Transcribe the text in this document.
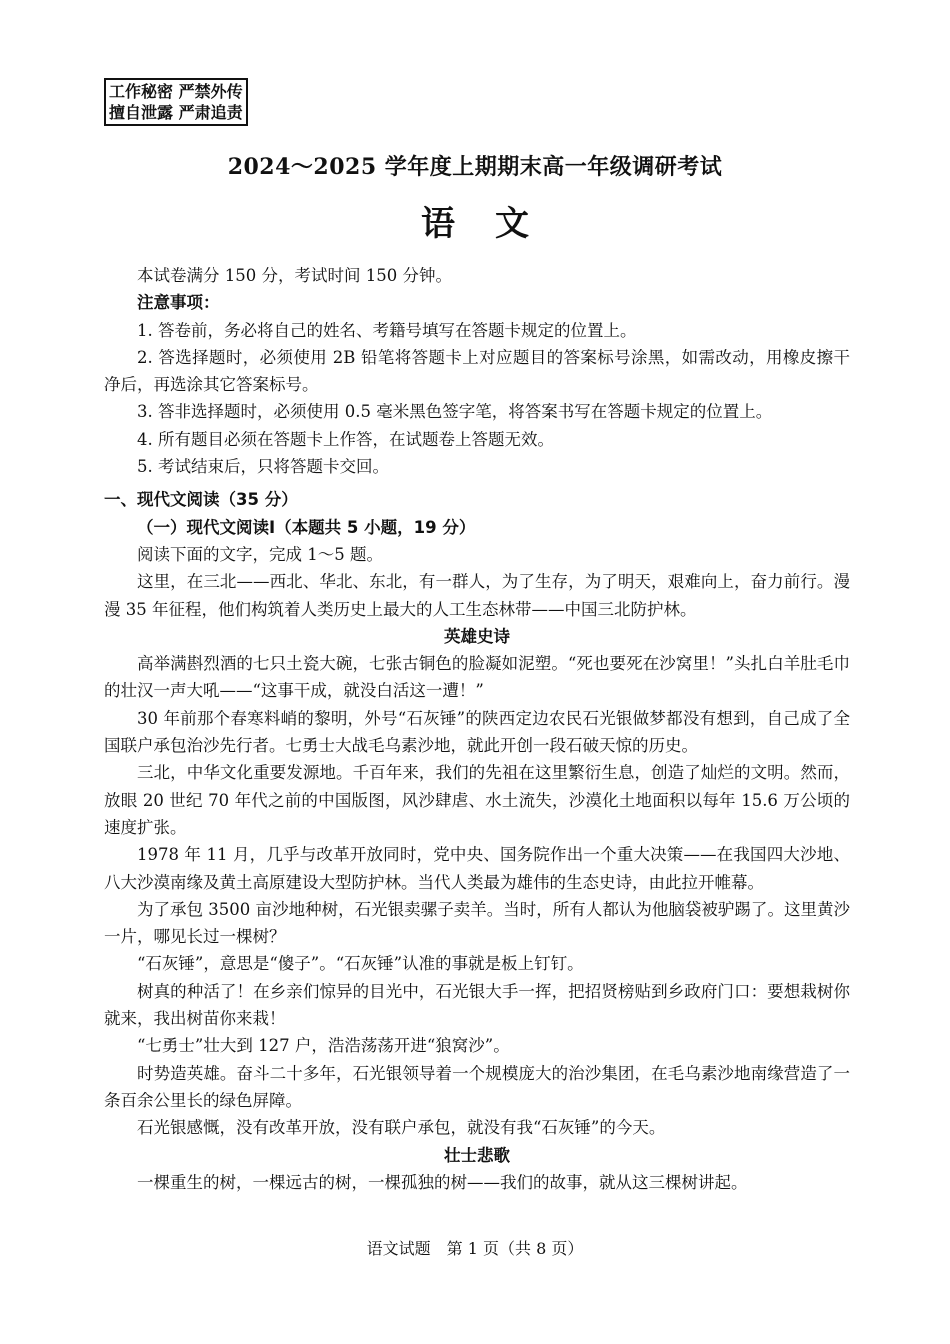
工作秘密 严禁外传
擅自泄露 严肃追责
2024～2025 学年度上期期末高一年级调研考试
语文

本试卷满分 150 分，考试时间 150 分钟。

注意事项：

1. 答卷前，务必将自己的姓名、考籍号填写在答题卡规定的位置上。

2. 答选择题时，必须使用 2B 铅笔将答题卡上对应题目的答案标号涂黑，如需改动，用橡皮擦干净后，再选涂其它答案标号。

3. 答非选择题时，必须使用 0.5 毫米黑色签字笔，将答案书写在答题卡规定的位置上。

4. 所有题目必须在答题卡上作答，在试题卷上答题无效。

5. 考试结束后，只将答题卡交回。

一、现代文阅读（35 分）

（一）现代文阅读Ⅰ（本题共 5 小题，19 分）

阅读下面的文字，完成 1～5 题。

这里，在三北——西北、华北、东北，有一群人，为了生存，为了明天，艰难向上，奋力前行。漫漫 35 年征程，他们构筑着人类历史上最大的人工生态林带——中国三北防护林。

英雄史诗

高举满斟烈酒的七只土瓷大碗，七张古铜色的脸凝如泥塑。“死也要死在沙窝里！”头扎白羊肚毛巾的壮汉一声大吼——“这事干成，就没白活这一遭！”

30 年前那个春寒料峭的黎明，外号“石灰锤”的陕西定边农民石光银做梦都没有想到，自己成了全国联户承包治沙先行者。七勇士大战毛乌素沙地，就此开创一段石破天惊的历史。

三北，中华文化重要发源地。千百年来，我们的先祖在这里繁衍生息，创造了灿烂的文明。然而，放眼 20 世纪 70 年代之前的中国版图，风沙肆虐、水土流失，沙漠化土地面积以每年 15.6 万公顷的速度扩张。

1978 年 11 月，几乎与改革开放同时，党中央、国务院作出一个重大决策——在我国四大沙地、八大沙漠南缘及黄土高原建设大型防护林。当代人类最为雄伟的生态史诗，由此拉开帷幕。

为了承包 3500 亩沙地种树，石光银卖骡子卖羊。当时，所有人都认为他脑袋被驴踢了。这里黄沙一片，哪见长过一棵树？

“石灰锤”，意思是“傻子”。“石灰锤”认准的事就是板上钉钉。

树真的种活了！在乡亲们惊异的目光中，石光银大手一挥，把招贤榜贴到乡政府门口：要想栽树你就来，我出树苗你来栽！

“七勇士”壮大到 127 户，浩浩荡荡开进“狼窝沙”。

时势造英雄。奋斗二十多年，石光银领导着一个规模庞大的治沙集团，在毛乌素沙地南缘营造了一条百余公里长的绿色屏障。

石光银感慨，没有改革开放，没有联户承包，就没有我“石灰锤”的今天。

壮士悲歌

一棵重生的树，一棵远古的树，一棵孤独的树——我们的故事，就从这三棵树讲起。

语文试题　第 1 页（共 8 页）
